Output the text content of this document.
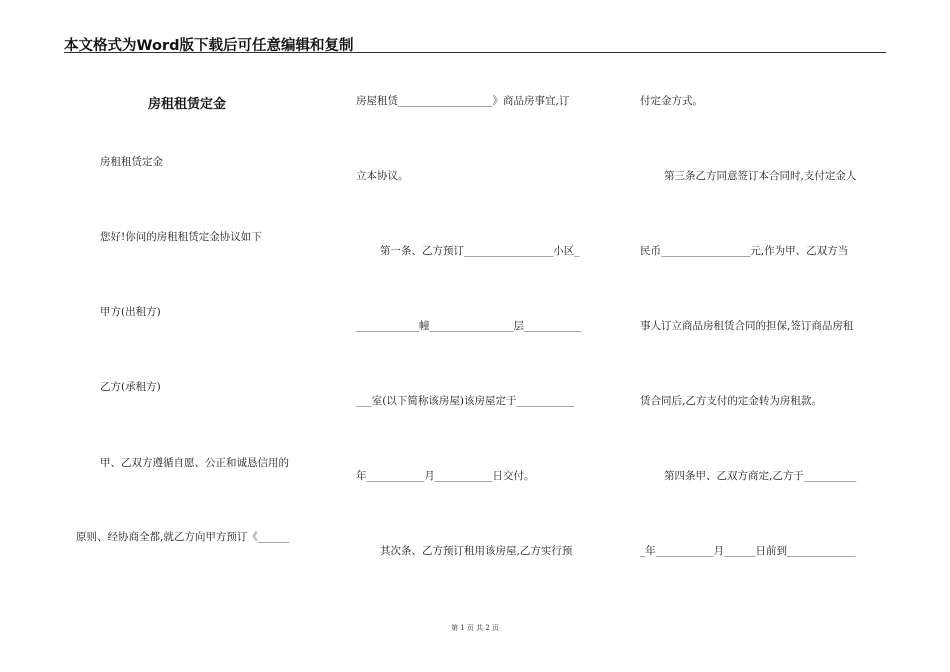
本文格式为Word版下载后可任意编辑和复制
房租租赁定金
房租租赁定金
您好!你问的房租租赁定金协议如下
甲方(出租方)
乙方(承租方)
甲、乙双方遵循自愿、公正和诚恳信用的
原则、经协商全都,就乙方向甲方预订《______
房屋租赁__________________》商品房事宜,订
立本协议。
第一条、乙方预订_________________小区_
____________幢________________层___________
___室(以下简称该房屋)该房屋定于___________
年___________月___________日交付。
其次条、乙方预订租用该房屋,乙方实行预
付定金方式。
第三条乙方同意签订本合同时,支付定金人
民币_________________元,作为甲、乙双方当
事人订立商品房租赁合同的担保,签订商品房租
赁合同后,乙方支付的定金转为房租款。
第四条甲、乙双方商定,乙方于__________
_年___________月______日前到_____________
第 1 页 共 2 页
